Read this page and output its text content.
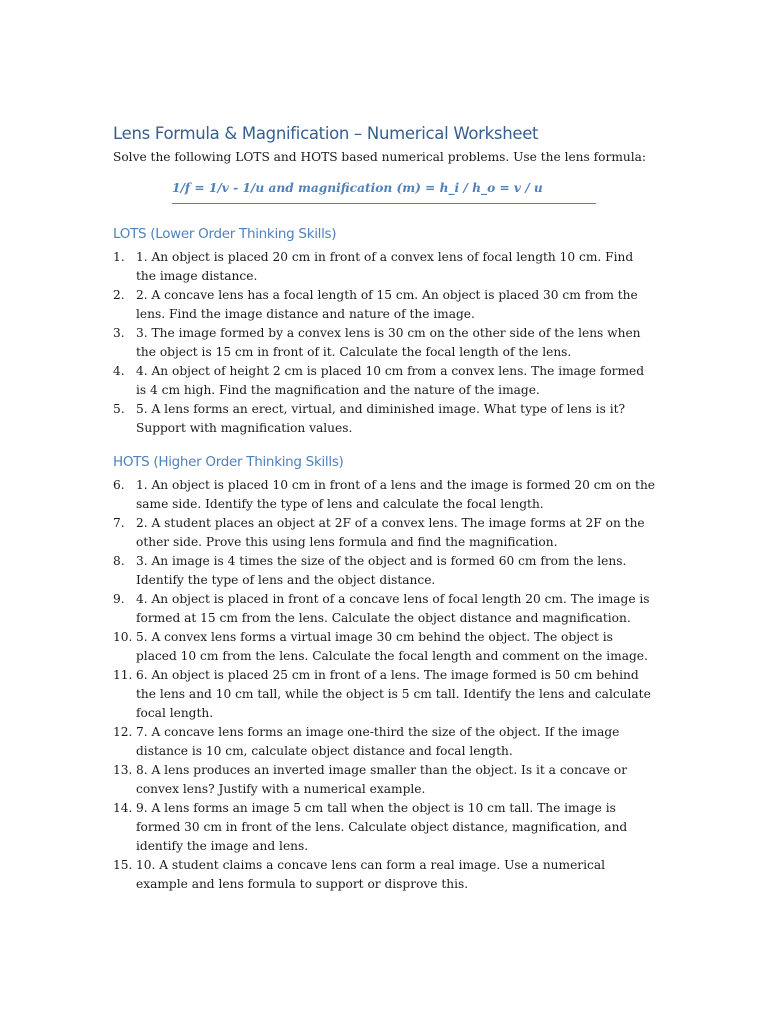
Lens Formula & Magnification – Numerical Worksheet
Solve the following LOTS and HOTS based numerical problems. Use the lens formula:
1/f = 1/v - 1/u and magnification (m) = h_i / h_o = v / u
LOTS (Lower Order Thinking Skills)
1. 1. An object is placed 20 cm in front of a convex lens of focal length 10 cm. Find the image distance.
2. 2. A concave lens has a focal length of 15 cm. An object is placed 30 cm from the lens. Find the image distance and nature of the image.
3. 3. The image formed by a convex lens is 30 cm on the other side of the lens when the object is 15 cm in front of it. Calculate the focal length of the lens.
4. 4. An object of height 2 cm is placed 10 cm from a convex lens. The image formed is 4 cm high. Find the magnification and the nature of the image.
5. 5. A lens forms an erect, virtual, and diminished image. What type of lens is it? Support with magnification values.
HOTS (Higher Order Thinking Skills)
6. 1. An object is placed 10 cm in front of a lens and the image is formed 20 cm on the same side. Identify the type of lens and calculate the focal length.
7. 2. A student places an object at 2F of a convex lens. The image forms at 2F on the other side. Prove this using lens formula and find the magnification.
8. 3. An image is 4 times the size of the object and is formed 60 cm from the lens. Identify the type of lens and the object distance.
9. 4. An object is placed in front of a concave lens of focal length 20 cm. The image is formed at 15 cm from the lens. Calculate the object distance and magnification.
10. 5. A convex lens forms a virtual image 30 cm behind the object. The object is placed 10 cm from the lens. Calculate the focal length and comment on the image.
11. 6. An object is placed 25 cm in front of a lens. The image formed is 50 cm behind the lens and 10 cm tall, while the object is 5 cm tall. Identify the lens and calculate focal length.
12. 7. A concave lens forms an image one-third the size of the object. If the image distance is 10 cm, calculate object distance and focal length.
13. 8. A lens produces an inverted image smaller than the object. Is it a concave or convex lens? Justify with a numerical example.
14. 9. A lens forms an image 5 cm tall when the object is 10 cm tall. The image is formed 30 cm in front of the lens. Calculate object distance, magnification, and identify the image and lens.
15. 10. A student claims a concave lens can form a real image. Use a numerical example and lens formula to support or disprove this.
